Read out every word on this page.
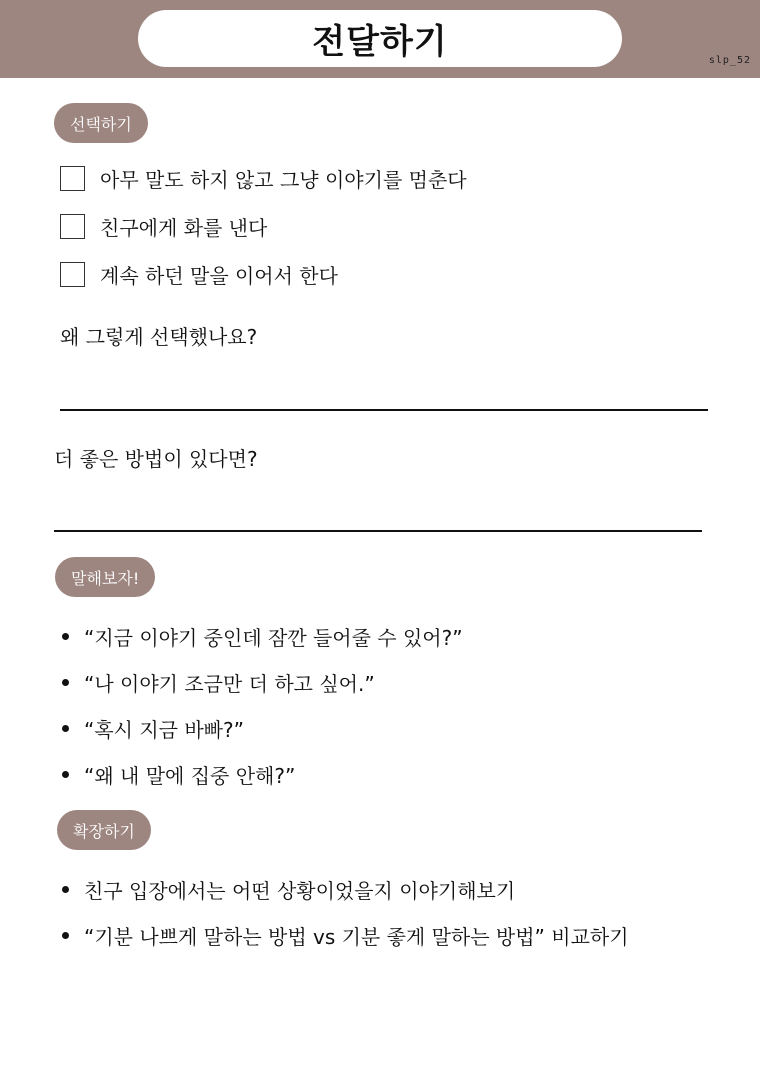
전달하기	slp_52
선택하기
아무 말도 하지 않고 그냥 이야기를 멈춘다
친구에게 화를 낸다
계속 하던 말을 이어서 한다
왜 그렇게 선택했나요?
더 좋은 방법이 있다면?
말해보자!
“지금 이야기 중인데 잠깐 들어줄 수 있어?”
“나 이야기 조금만 더 하고 싶어.”
“혹시 지금 바빠?”
“왜 내 말에 집중 안해?”
확장하기
친구 입장에서는 어떤 상황이었을지 이야기해보기
“기분 나쁘게 말하는 방법 vs 기분 좋게 말하는 방법” 비교하기
